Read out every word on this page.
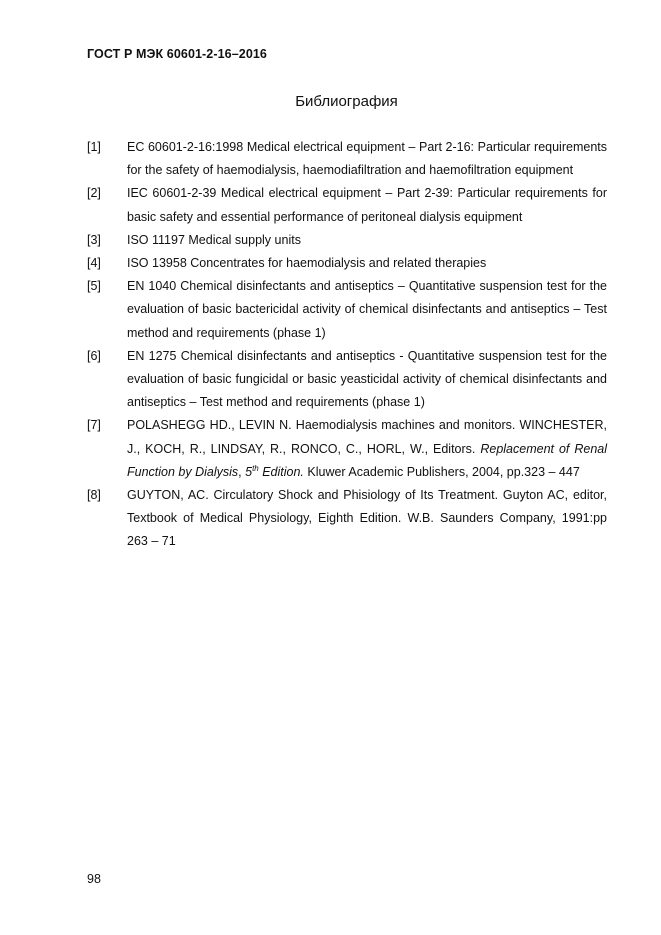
ГОСТ Р МЭК 60601-2-16–2016
Библиография
[1]	EC 60601-2-16:1998 Medical electrical equipment – Part 2-16: Particular requirements for the safety of haemodialysis, haemodiafiltration and haemofiltration equipment
[2]	IEC 60601-2-39 Medical electrical equipment – Part 2-39: Particular requirements for basic safety and essential performance of peritoneal dialysis equipment
[3]	ISO 11197 Medical supply units
[4]	ISO 13958 Concentrates for haemodialysis and related therapies
[5]	EN 1040 Chemical disinfectants and antiseptics – Quantitative suspension test for the evaluation of basic bactericidal activity of chemical disinfectants and antiseptics – Test method and requirements (phase 1)
[6]	EN 1275 Chemical disinfectants and antiseptics - Quantitative suspension test for the evaluation of basic fungicidal or basic yeasticidal activity of chemical disinfectants and antiseptics – Test method and requirements (phase 1)
[7]	POLASHEGG HD., LEVIN N. Haemodialysis machines and monitors. WINCHESTER, J., KOCH, R., LINDSAY, R., RONCO, C., HORL, W., Editors. Replacement of Renal Function by Dialysis, 5th Edition. Kluwer Academic Publishers, 2004, pp.323 – 447
[8]	GUYTON, AC. Circulatory Shock and Phisiology of Its Treatment. Guyton AC, editor, Textbook of Medical Physiology, Eighth Edition. W.B. Saunders Company, 1991:pp 263 – 71
98
